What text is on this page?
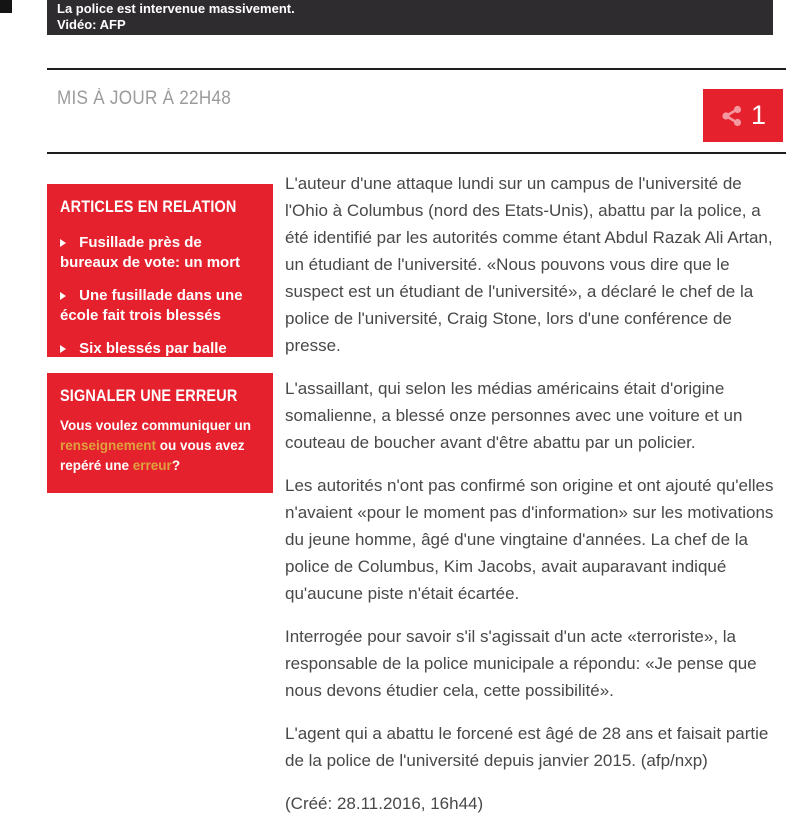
La police est intervenue massivement.
Vidéo: AFP
MIS À JOUR À 22H48
1
ARTICLES EN RELATION

Fusillade près de bureaux de vote: un mort

Une fusillade dans une école fait trois blessés

Six blessés par balle dans un centre commercial

SIGNALER UNE ERREUR

Vous voulez communiquer un renseignement ou vous avez repéré une erreur?

L'auteur d'une attaque lundi sur un campus de l'université de l'Ohio à Columbus (nord des Etats-Unis), abattu par la police, a été identifié par les autorités comme étant Abdul Razak Ali Artan, un étudiant de l'université. «Nous pouvons vous dire que le suspect est un étudiant de l'université», a déclaré le chef de la police de l'université, Craig Stone, lors d'une conférence de presse.

L'assaillant, qui selon les médias américains était d'origine somalienne, a blessé onze personnes avec une voiture et un couteau de boucher avant d'être abattu par un policier.

Les autorités n'ont pas confirmé son origine et ont ajouté qu'elles n'avaient «pour le moment pas d'information» sur les motivations du jeune homme, âgé d'une vingtaine d'années. La chef de la police de Columbus, Kim Jacobs, avait auparavant indiqué qu'aucune piste n'était écartée.

Interrogée pour savoir s'il s'agissait d'un acte «terroriste», la responsable de la police municipale a répondu: «Je pense que nous devons étudier cela, cette possibilité».

L'agent qui a abattu le forcené est âgé de 28 ans et faisait partie de la police de l'université depuis janvier 2015. (afp/nxp)

(Créé: 28.11.2016, 16h44)
